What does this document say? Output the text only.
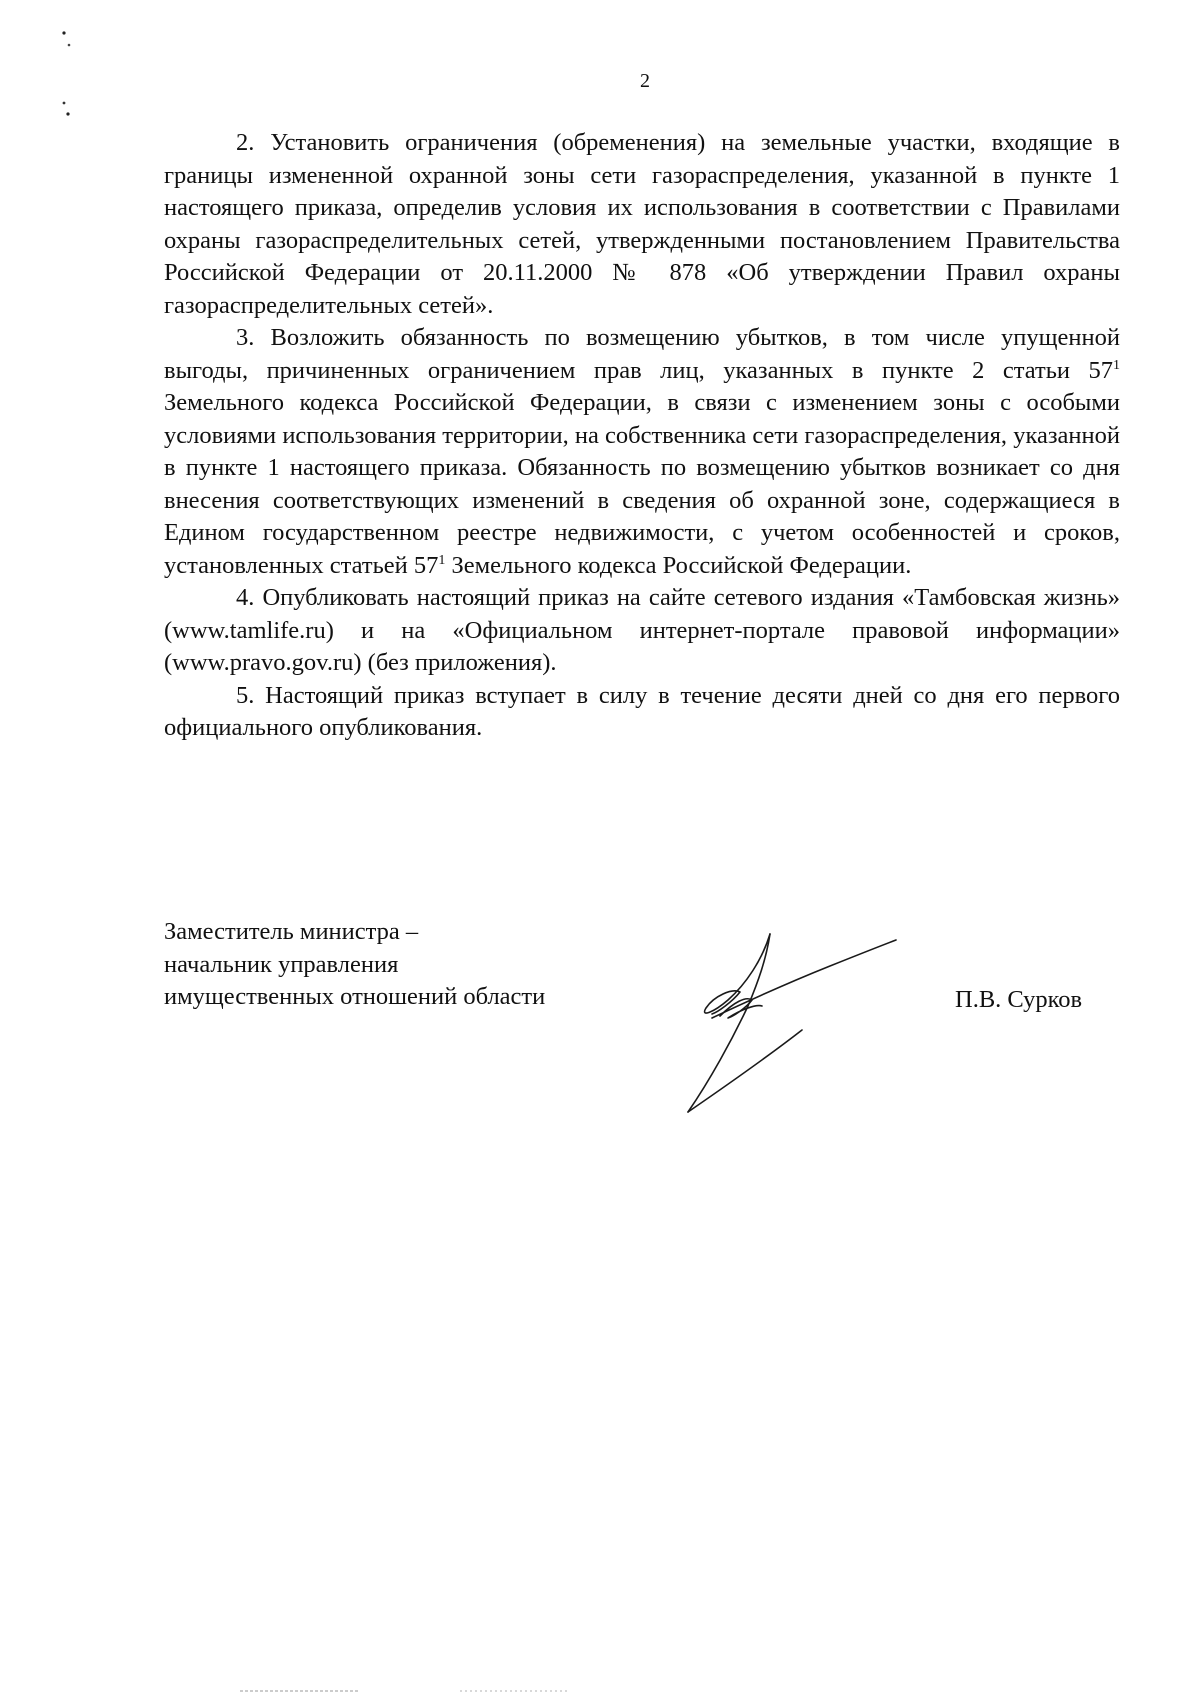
2

2. Установить ограничения (обременения) на земельные участки, входящие в границы измененной охранной зоны сети газораспределения, указанной в пункте 1 настоящего приказа, определив условия их использования в соответствии с Правилами охраны газораспределительных сетей, утвержденными постановлением Правительства Российской Федерации от 20.11.2000 № 878 «Об утверждении Правил охраны газораспределительных сетей».

3. Возложить обязанность по возмещению убытков, в том числе упущенной выгоды, причиненных ограничением прав лиц, указанных в пункте 2 статьи $57^1$ Земельного кодекса Российской Федерации, в связи с изменением зоны с особыми условиями использования территории, на собственника сети газораспределения, указанной в пункте 1 настоящего приказа. Обязанность по возмещению убытков возникает со дня внесения соответствующих изменений в сведения об охранной зоне, содержащиеся в Едином государственном реестре недвижимости, с учетом особенностей и сроков, установленных статьей $57^1$ Земельного кодекса Российской Федерации.

4. Опубликовать настоящий приказ на сайте сетевого издания «Тамбовская жизнь» (www.tamlife.ru) и на «Официальном интернет-портале правовой информации» (www.pravo.gov.ru) (без приложения).

5. Настоящий приказ вступает в силу в течение десяти дней со дня его первого официального опубликования.

Заместитель министра –
начальник управления
имущественных отношений области	П.В. Сурков
